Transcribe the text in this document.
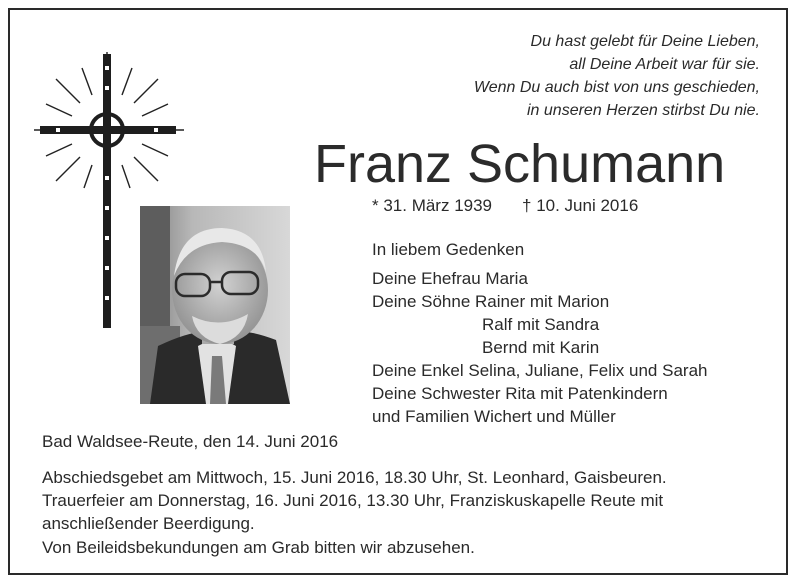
Du hast gelebt für Deine Lieben,
all Deine Arbeit war für sie.
Wenn Du auch bist von uns geschieden,
in unseren Herzen stirbst Du nie.
Franz Schumann
* 31. März 1939 † 10. Juni 2016
In liebem Gedenken
Deine Ehefrau Maria
Deine Söhne Rainer mit Marion
Ralf mit Sandra
Bernd mit Karin
Deine Enkel Selina, Juliane, Felix und Sarah
Deine Schwester Rita mit Patenkindern
und Familien Wichert und Müller
Bad Waldsee-Reute, den 14. Juni 2016
Abschiedsgebet am Mittwoch, 15. Juni 2016, 18.30 Uhr, St. Leonhard, Gaisbeuren.
Trauerfeier am Donnerstag, 16. Juni 2016, 13.30 Uhr, Franziskuskapelle Reute mit
anschließender Beerdigung.
Von Beileidsbekundungen am Grab bitten wir abzusehen.
